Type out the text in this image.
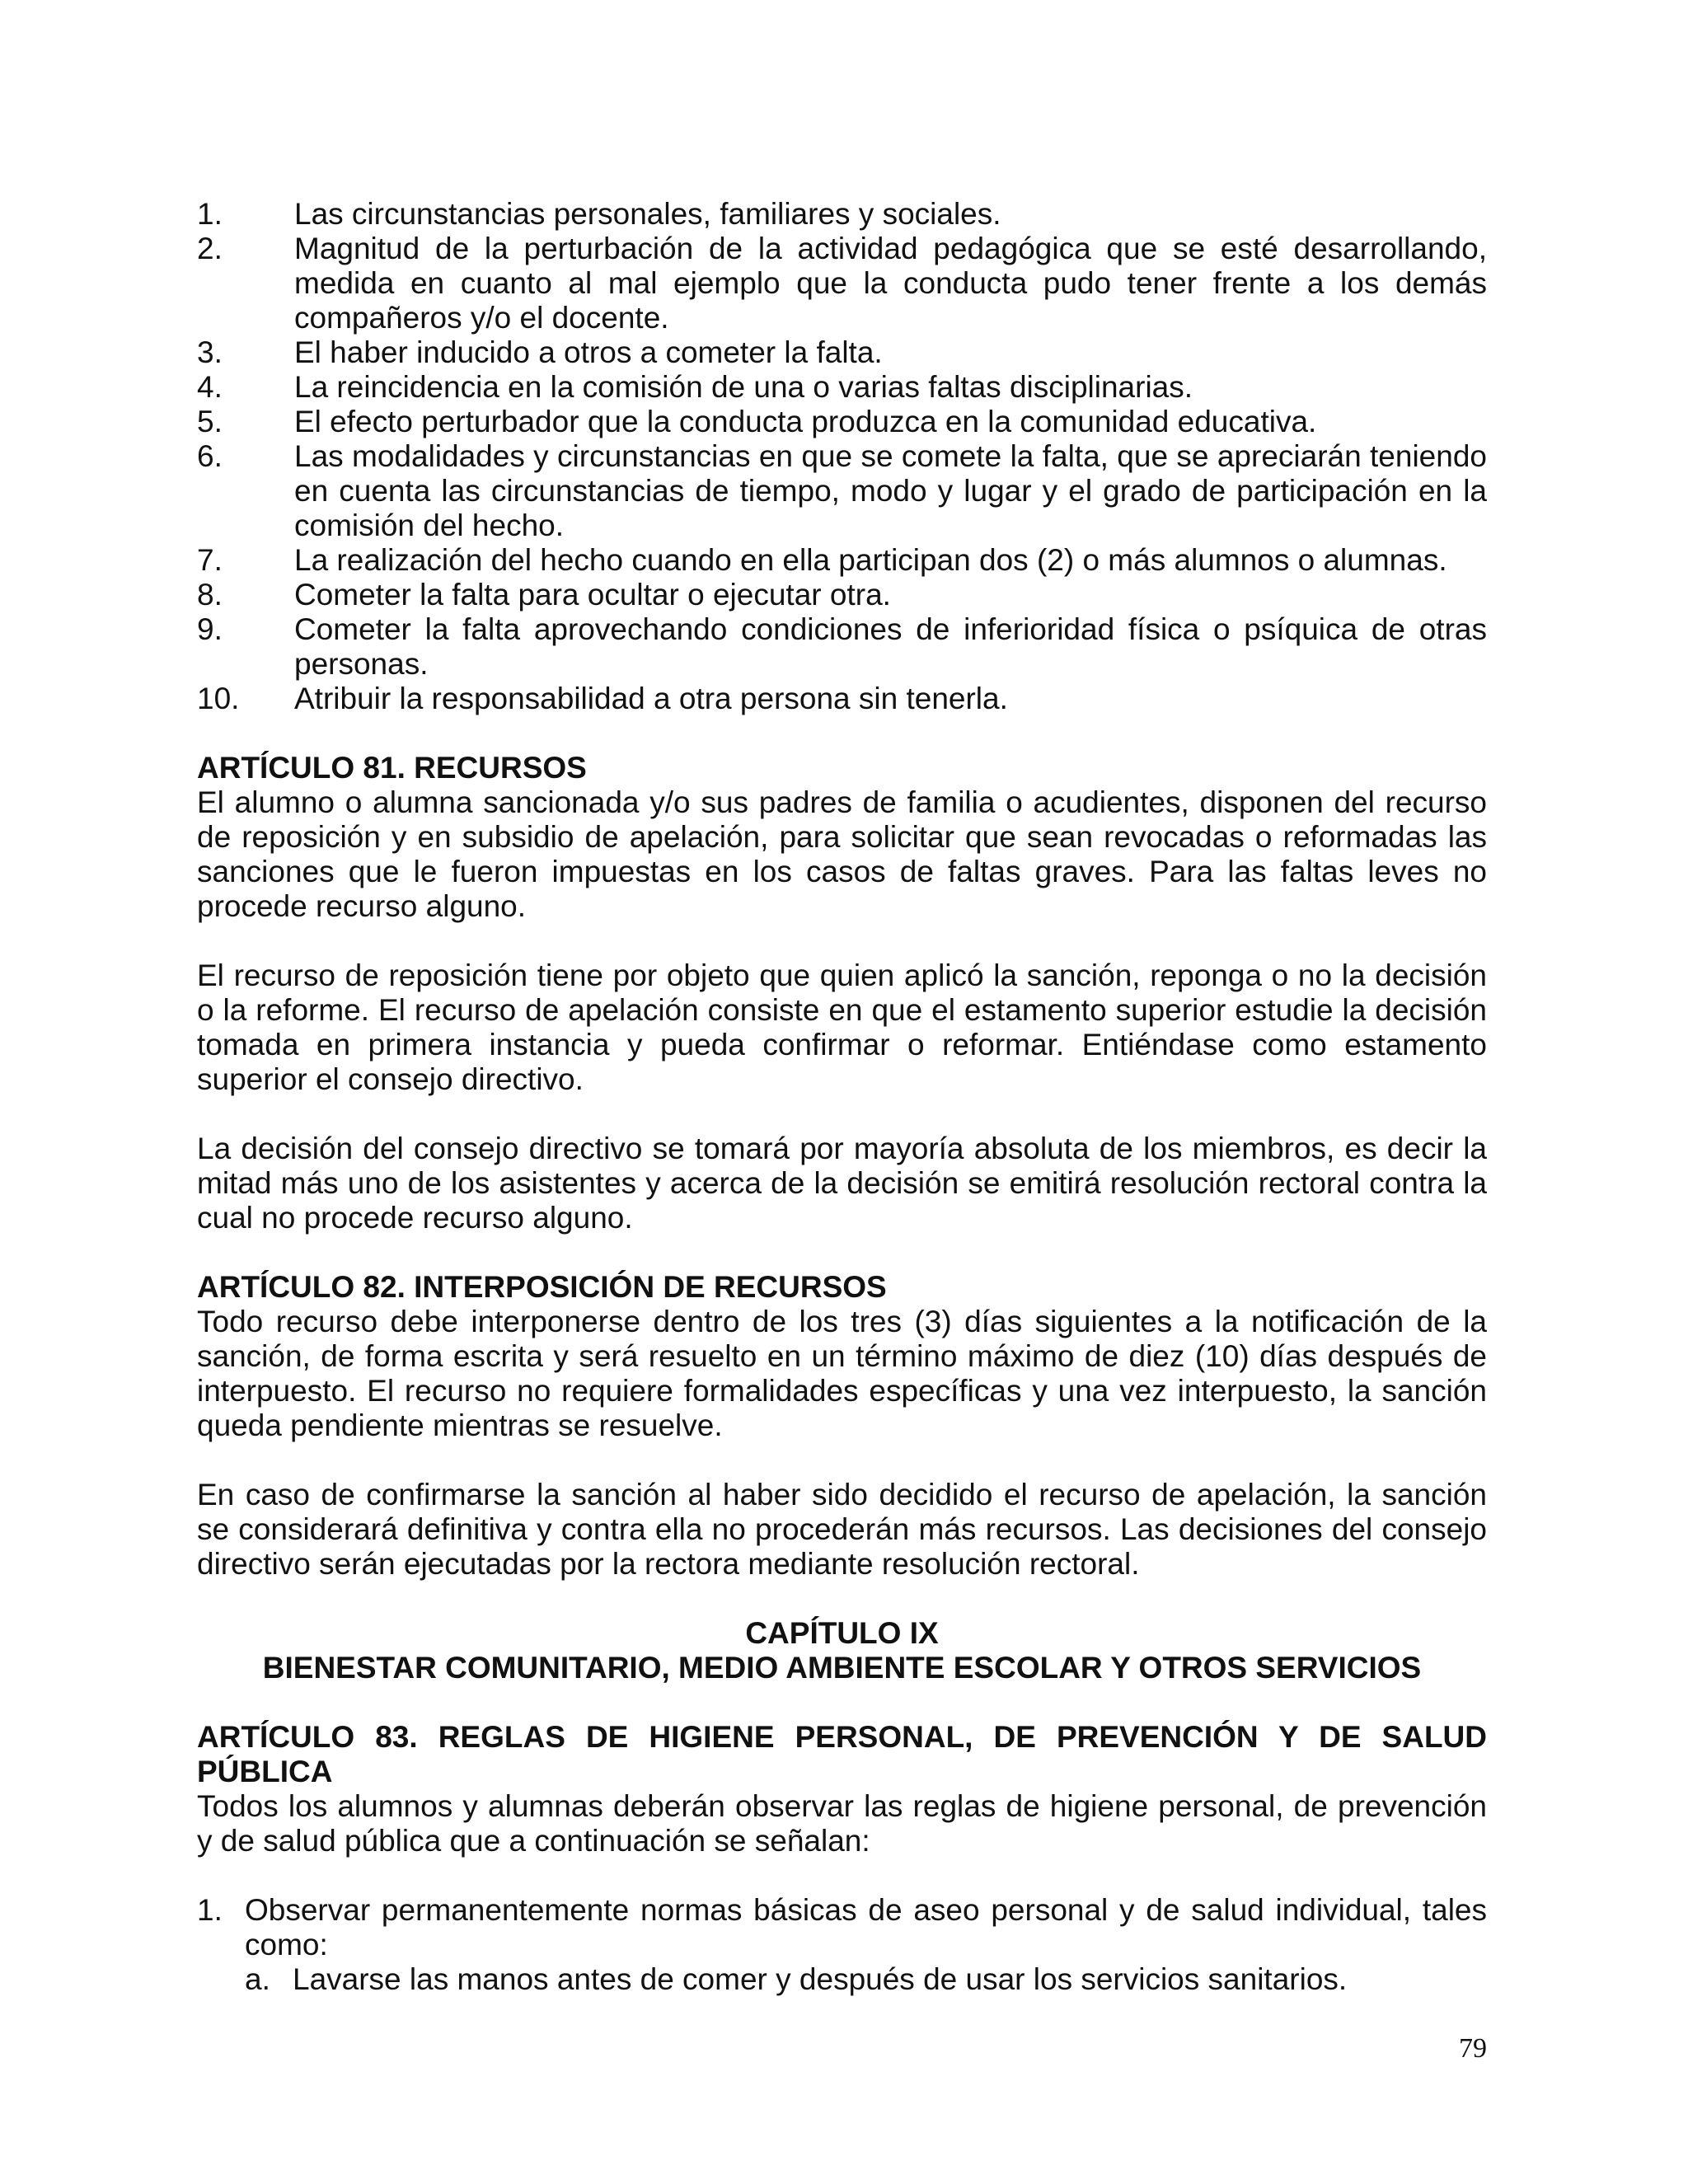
1.	Las circunstancias personales, familiares y sociales.
2.	Magnitud de la perturbación de la actividad pedagógica que se esté desarrollando, medida en cuanto al mal ejemplo que la conducta pudo tener frente a los demás compañeros y/o el docente.
3.	El haber inducido a otros a cometer la falta.
4.	La reincidencia en la comisión de una o varias faltas disciplinarias.
5.	El efecto perturbador que la conducta produzca en la comunidad educativa.
6.	Las modalidades y circunstancias en que se comete la falta, que se apreciarán teniendo en cuenta las circunstancias de tiempo, modo y lugar y el grado de participación en la comisión del hecho.
7.	La realización del hecho cuando en ella participan dos (2) o más alumnos o alumnas.
8.	Cometer la falta para ocultar o ejecutar otra.
9.	Cometer la falta aprovechando condiciones de inferioridad física o psíquica de otras personas.
10.	Atribuir la responsabilidad a otra persona sin tenerla.
ARTÍCULO 81. RECURSOS

El alumno o alumna sancionada y/o sus padres de familia o acudientes, disponen del recurso de reposición y en subsidio de apelación, para solicitar que sean revocadas o reformadas las sanciones que le fueron impuestas en los casos de faltas graves. Para las faltas leves no procede recurso alguno.

El recurso de reposición tiene por objeto que quien aplicó la sanción, reponga o no la decisión o la reforme. El recurso de apelación consiste en que el estamento superior estudie la decisión tomada en primera instancia y pueda confirmar o reformar. Entiéndase como estamento superior el consejo directivo.

La decisión del consejo directivo se tomará por mayoría absoluta de los miembros, es decir la mitad más uno de los asistentes y acerca de la decisión se emitirá resolución rectoral contra la cual no procede recurso alguno.

ARTÍCULO 82. INTERPOSICIÓN DE RECURSOS

Todo recurso debe interponerse dentro de los tres (3) días siguientes a la notificación de la sanción, de forma escrita y será resuelto en un término máximo de diez (10) días después de interpuesto. El recurso no requiere formalidades específicas y una vez interpuesto, la sanción queda pendiente mientras se resuelve.

En caso de confirmarse la sanción al haber sido decidido el recurso de apelación, la sanción se considerará definitiva y contra ella no procederán más recursos. Las decisiones del consejo directivo serán ejecutadas por la rectora mediante resolución rectoral.

CAPÍTULO IX
BIENESTAR COMUNITARIO, MEDIO AMBIENTE ESCOLAR Y OTROS SERVICIOS
ARTÍCULO 83. REGLAS DE HIGIENE PERSONAL, DE PREVENCIÓN Y DE SALUD PÚBLICA

Todos los alumnos y alumnas deberán observar las reglas de higiene personal, de prevención y de salud pública que a continuación se señalan:

1. Observar permanentemente normas básicas de aseo personal y de salud individual, tales como:
a. Lavarse las manos antes de comer y después de usar los servicios sanitarios.
79
